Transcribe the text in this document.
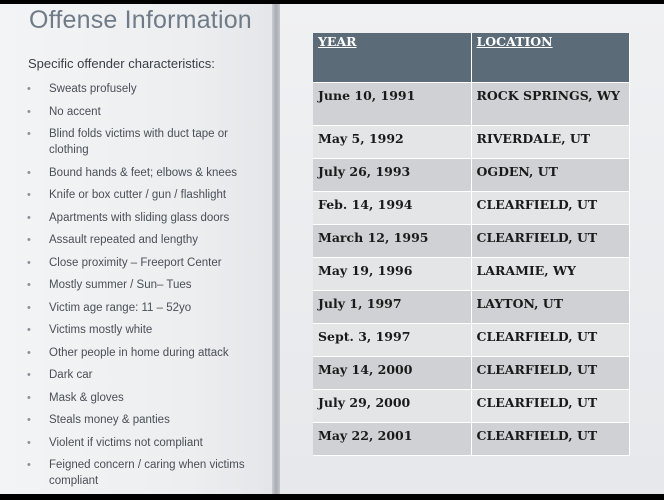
Offense Information
Specific offender characteristics:
• Sweats profusely
• No accent
• Blind folds victims with duct tape or clothing
• Bound hands & feet; elbows & knees
• Knife or box cutter / gun / flashlight
• Apartments with sliding glass doors
• Assault repeated and lengthy
• Close proximity – Freeport Center
• Mostly summer / Sun– Tues
• Victim age range: 11 – 52yo
• Victims mostly white
• Other people in home during attack
• Dark car
• Mask & gloves
• Steals money & panties
• Violent if victims not compliant
• Feigned concern / caring when victims compliant
YEAR	LOCATION
June 10, 1991	ROCK SPRINGS, WY
May 5, 1992	RIVERDALE, UT
July 26, 1993	OGDEN, UT
Feb. 14, 1994	CLEARFIELD, UT
March 12, 1995	CLEARFIELD, UT
May 19, 1996	LARAMIE, WY
July 1, 1997	LAYTON, UT
Sept. 3, 1997	CLEARFIELD, UT
May 14, 2000	CLEARFIELD, UT
July 29, 2000	CLEARFIELD, UT
May 22, 2001	CLEARFIELD, UT
